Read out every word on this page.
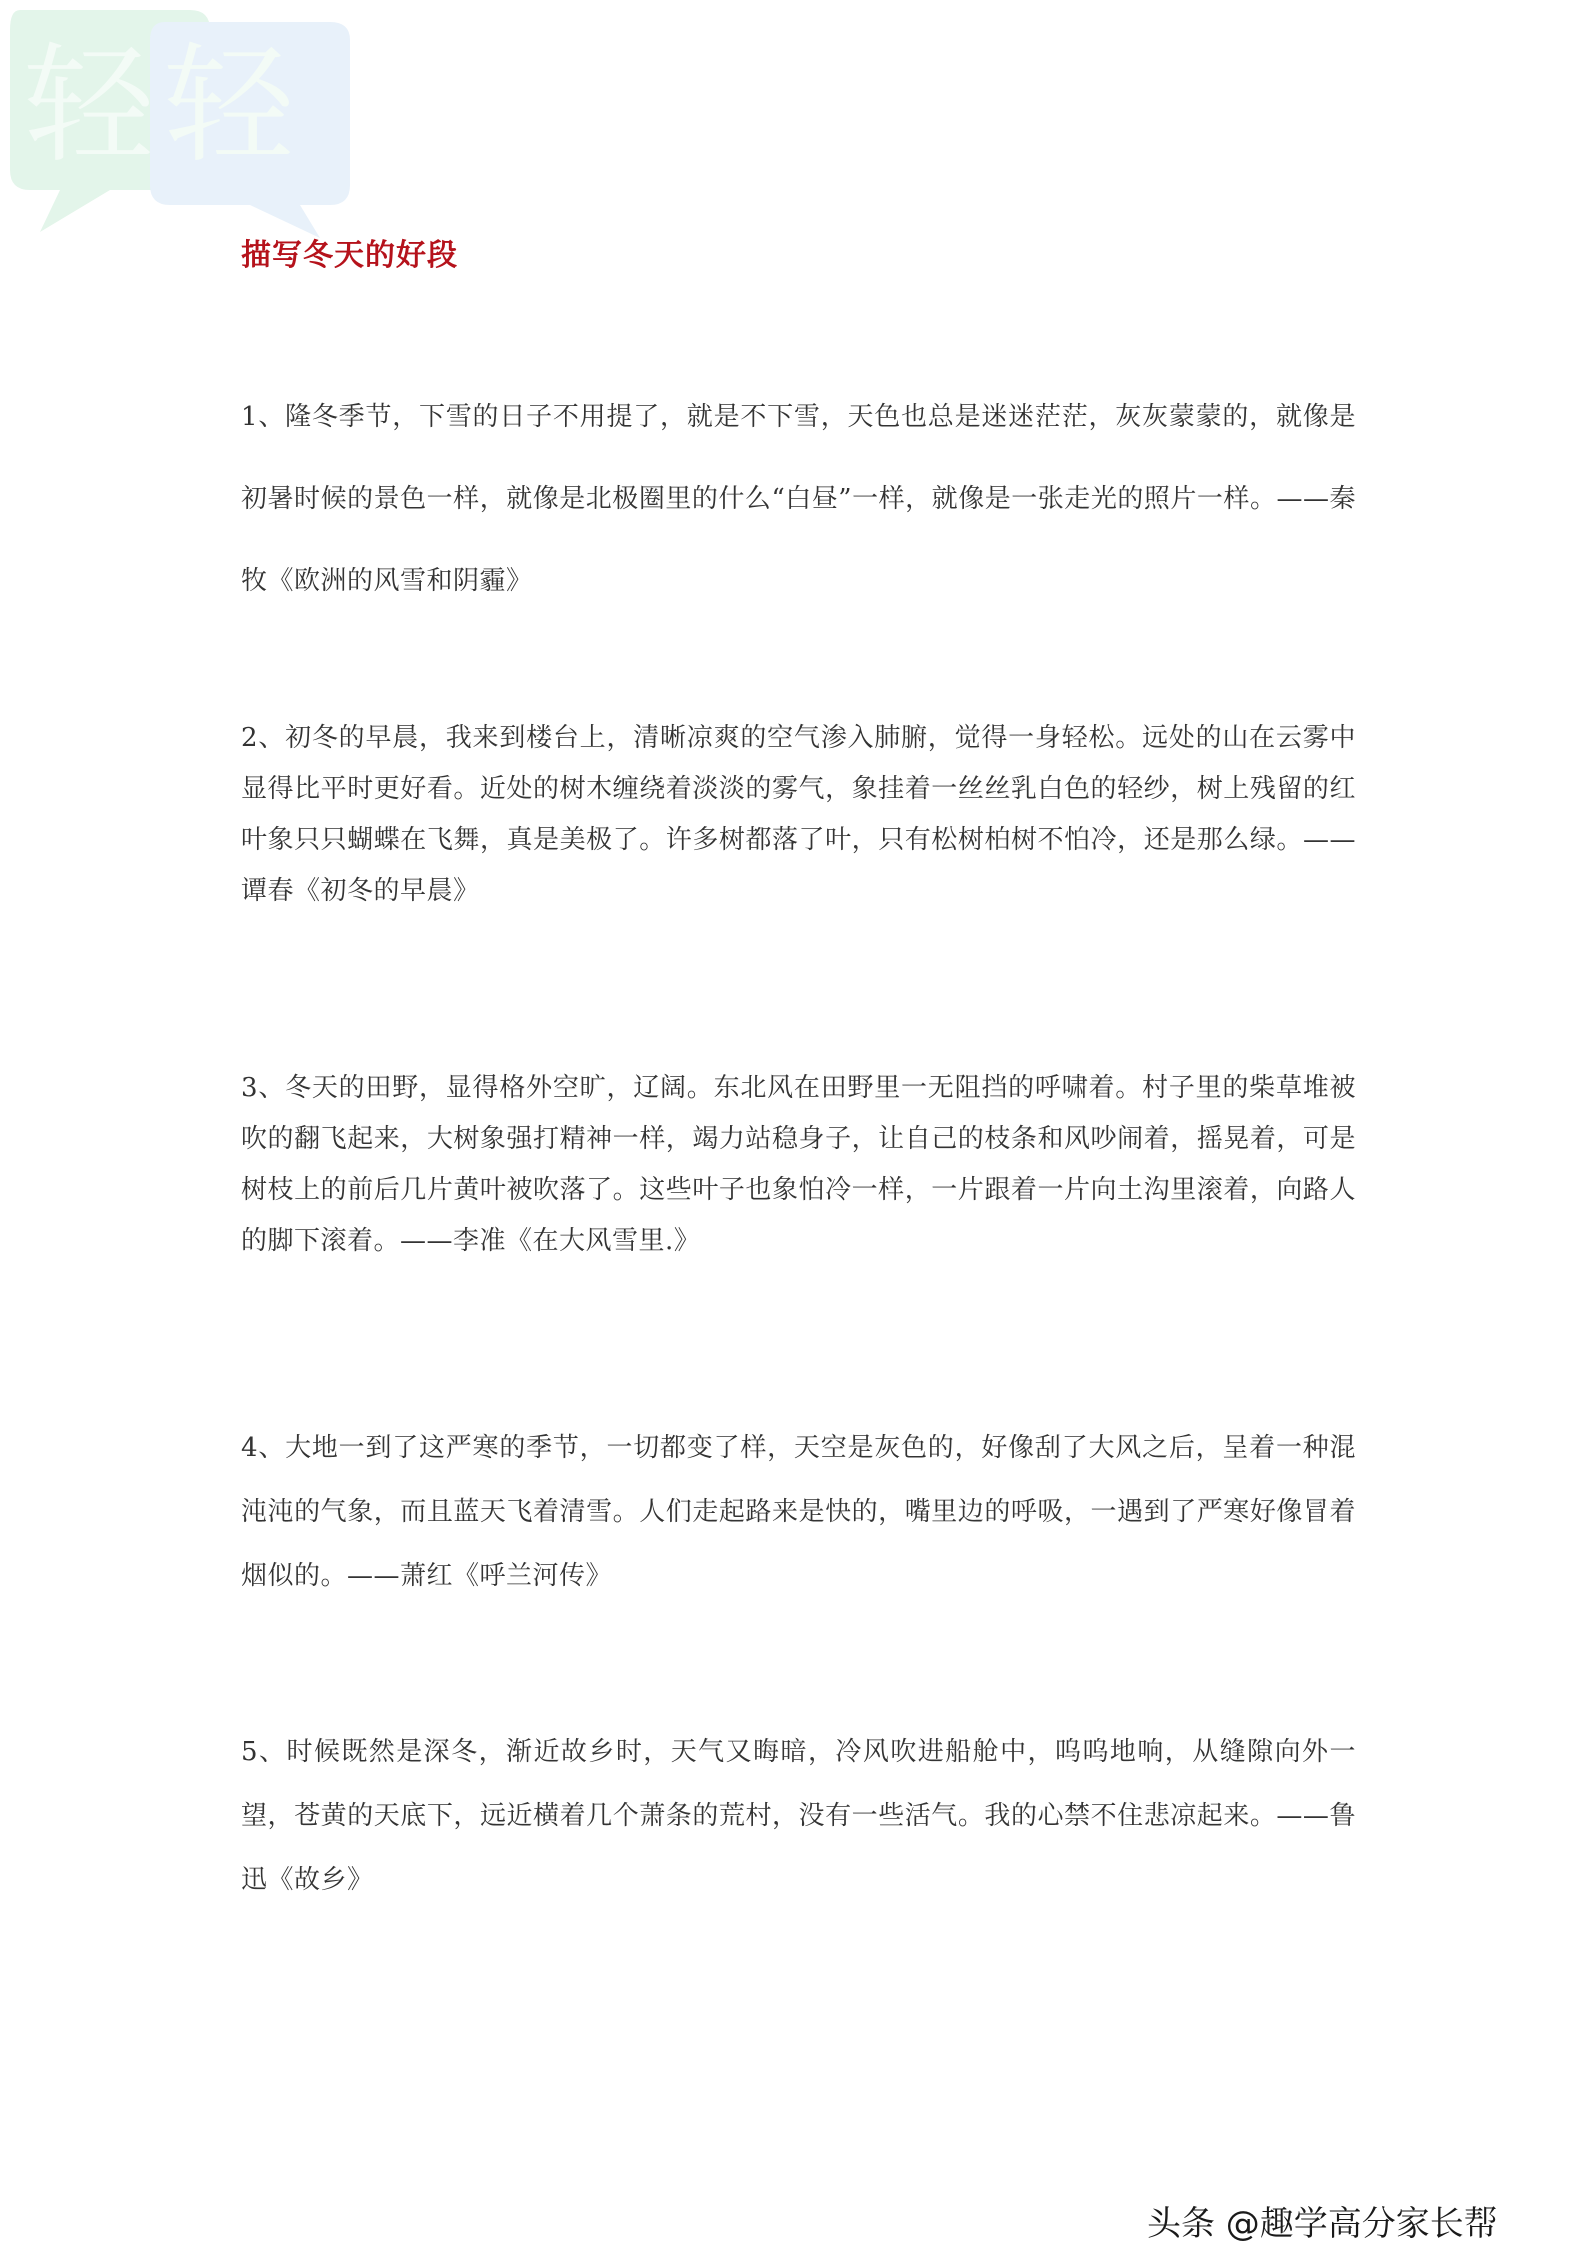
轻轻
描写冬天的好段
1、隆冬季节，下雪的日子不用提了，就是不下雪，天色也总是迷迷茫茫，灰灰蒙蒙的，就像是初暑时候的景色一样，就像是北极圈里的什么“白昼”一样，就像是一张走光的照片一样。——秦牧《欧洲的风雪和阴霾》
2、初冬的早晨，我来到楼台上，清晰凉爽的空气渗入肺腑，觉得一身轻松。远处的山在云雾中显得比平时更好看。近处的树木缠绕着淡淡的雾气，象挂着一丝丝乳白色的轻纱，树上残留的红叶象只只蝴蝶在飞舞，真是美极了。许多树都落了叶，只有松树柏树不怕冷，还是那么绿。——谭春《初冬的早晨》
3、冬天的田野，显得格外空旷，辽阔。东北风在田野里一无阻挡的呼啸着。村子里的柴草堆被吹的翻飞起来，大树象强打精神一样，竭力站稳身子，让自己的枝条和风吵闹着，摇晃着，可是树枝上的前后几片黄叶被吹落了。这些叶子也象怕冷一样，一片跟着一片向土沟里滚着，向路人的脚下滚着。——李准《在大风雪里.》
4、大地一到了这严寒的季节，一切都变了样，天空是灰色的，好像刮了大风之后，呈着一种混沌沌的气象，而且蓝天飞着清雪。人们走起路来是快的，嘴里边的呼吸，一遇到了严寒好像冒着烟似的。——萧红《呼兰河传》
5、时候既然是深冬，渐近故乡时，天气又晦暗，冷风吹进船舱中，呜呜地响，从缝隙向外一望，苍黄的天底下，远近横着几个萧条的荒村，没有一些活气。我的心禁不住悲凉起来。——鲁迅《故乡》
头条 @趣学高分家长帮
